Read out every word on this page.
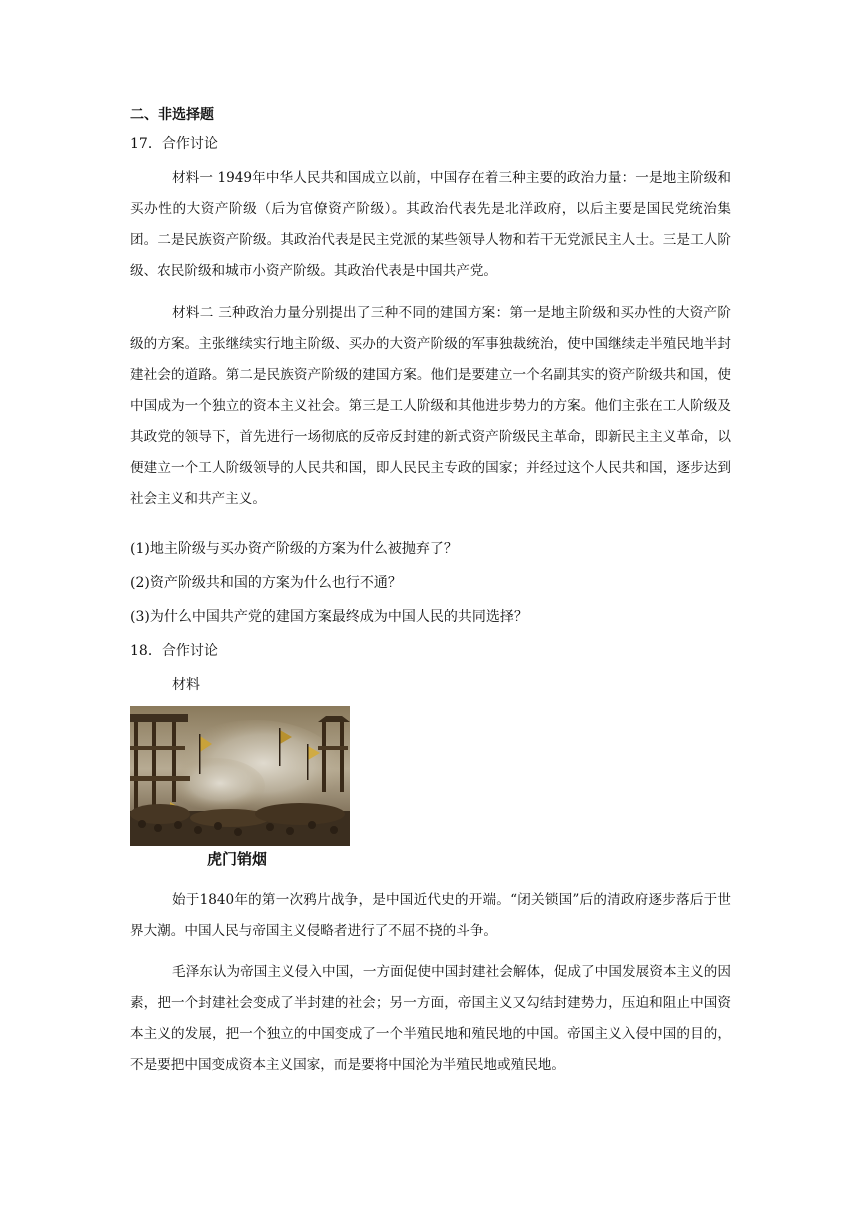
二、非选择题
17．合作讨论
材料一 1949年中华人民共和国成立以前，中国存在着三种主要的政治力量：一是地主阶级和买办性的大资产阶级（后为官僚资产阶级）。其政治代表先是北洋政府，以后主要是国民党统治集团。二是民族资产阶级。其政治代表是民主党派的某些领导人物和若干无党派民主人士。三是工人阶级、农民阶级和城市小资产阶级。其政治代表是中国共产党。
材料二 三种政治力量分别提出了三种不同的建国方案：第一是地主阶级和买办性的大资产阶级的方案。主张继续实行地主阶级、买办的大资产阶级的军事独裁统治，使中国继续走半殖民地半封建社会的道路。第二是民族资产阶级的建国方案。他们是要建立一个名副其实的资产阶级共和国，使中国成为一个独立的资本主义社会。第三是工人阶级和其他进步势力的方案。他们主张在工人阶级及其政党的领导下，首先进行一场彻底的反帝反封建的新式资产阶级民主革命，即新民主主义革命，以便建立一个工人阶级领导的人民共和国，即人民民主专政的国家；并经过这个人民共和国，逐步达到社会主义和共产主义。
(1)地主阶级与买办资产阶级的方案为什么被抛弃了？
(2)资产阶级共和国的方案为什么也行不通？
(3)为什么中国共产党的建国方案最终成为中国人民的共同选择？
18．合作讨论
材料
虎门销烟
始于1840年的第一次鸦片战争，是中国近代史的开端。“闭关锁国”后的清政府逐步落后于世界大潮。中国人民与帝国主义侵略者进行了不屈不挠的斗争。
毛泽东认为帝国主义侵入中国，一方面促使中国封建社会解体，促成了中国发展资本主义的因素，把一个封建社会变成了半封建的社会；另一方面，帝国主义又勾结封建势力，压迫和阻止中国资本主义的发展，把一个独立的中国变成了一个半殖民地和殖民地的中国。帝国主义入侵中国的目的，不是要把中国变成资本主义国家，而是要将中国沦为半殖民地或殖民地。
